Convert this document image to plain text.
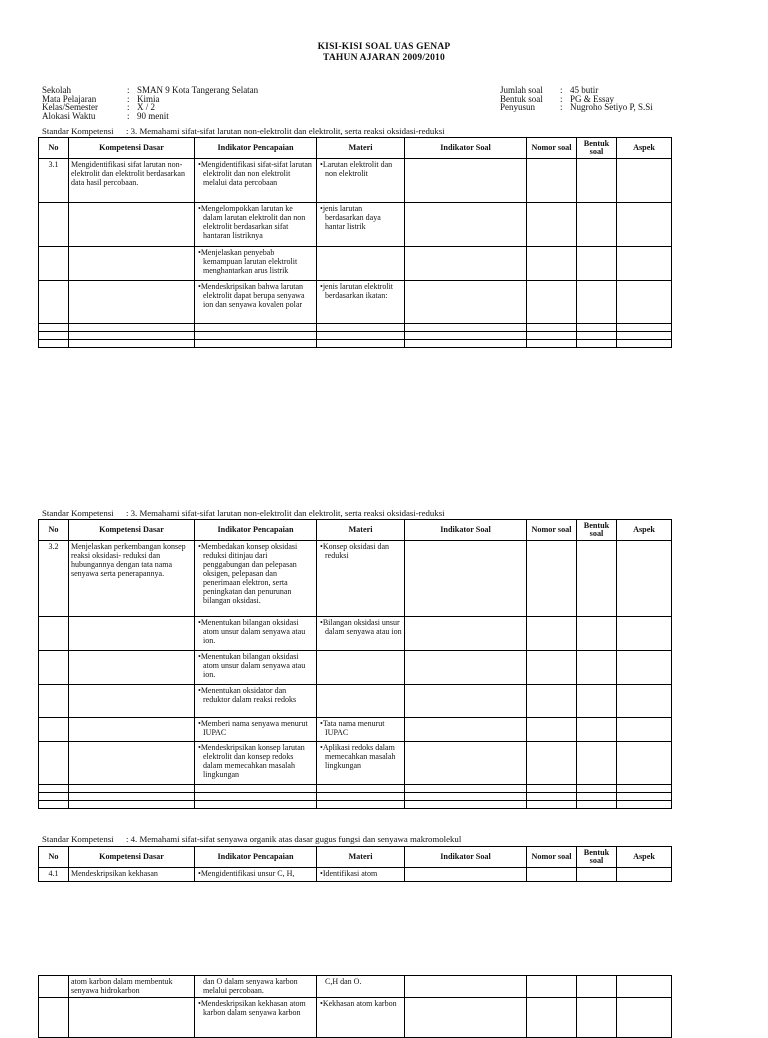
KISI-KISI SOAL UAS GENAP
TAHUN AJARAN 2009/2010
Sekolah	: SMAN 9 Kota Tangerang Selatan
Mata Pelajaran	: Kimia
Kelas/Semester	: X / 2
Alokasi Waktu	: 90 menit
Jumlah soal	: 45 butir
Bentuk soal	: PG & Essay
Penyusun	: Nugroho Setiyo P, S.Si
Standar Kompetensi : 3. Memahami sifat-sifat larutan non-elektrolit dan elektrolit, serta reaksi oksidasi-reduksi
No	Kompetensi Dasar	Indikator Pencapaian	Materi	Indikator Soal	Nomor soal	Bentuk soal	Aspek
3.1	Mengidentifikasi sifat larutan non-elektrolit dan elektrolit berdasarkan data hasil percobaan.	• Mengidentifikasi sifat-sifat larutan elektrolit dan non elektrolit melalui data percobaan	• Larutan elektrolit dan non elektrolit

		• Mengelompokkan larutan ke dalam larutan elektrolit dan non elektrolit berdasarkan sifat hantaran listriknya	• jenis larutan berdasarkan daya hantar listrik

		• Menjelaskan penyebab kemampuan larutan elektrolit menghantarkan arus listrik

		• Mendeskripsikan bahwa larutan elektrolit dapat berupa senyawa ion dan senyawa kovalen polar	• jenis larutan elektrolit berdasarkan ikatan:

Standar Kompetensi : 3. Memahami sifat-sifat larutan non-elektrolit dan elektrolit, serta reaksi oksidasi-reduksi
No	Kompetensi Dasar	Indikator Pencapaian	Materi	Indikator Soal	Nomor soal	Bentuk soal	Aspek
3.2	Menjelaskan perkembangan konsep reaksi oksidasi- reduksi dan hubungannya dengan tata nama senyawa serta penerapannya.	• Membedakan konsep oksidasi reduksi ditinjau dari penggabungan dan pelepasan oksigen, pelepasan dan penerimaan elektron, serta peningkatan dan penurunan bilangan oksidasi.	• Konsep oksidasi dan reduksi

		• Menentukan bilangan oksidasi atom unsur dalam senyawa atau ion.	• Bilangan oksidasi unsur dalam senyawa atau ion

		• Menentukan bilangan oksidasi atom unsur dalam senyawa atau ion.

		• Menentukan oksidator dan reduktor dalam reaksi redoks

		• Memberi nama senyawa menurut IUPAC	• Tata nama menurut IUPAC

		• Mendeskripsikan konsep larutan elektrolit dan konsep redoks dalam memecahkan masalah lingkungan	• Aplikasi redoks dalam memecahkan masalah lingkungan

Standar Kompetensi : 4. Memahami sifat-sifat senyawa organik atas dasar gugus fungsi dan senyawa makromolekul
No	Kompetensi Dasar	Indikator Pencapaian	Materi	Indikator Soal	Nomor soal	Bentuk soal	Aspek
4.1	Mendeskripsikan kekhasan	• Mengidentifikasi unsur C, H,	• Identifikasi atom

	atom karbon dalam membentuk senyawa hidrokarbon	dan O dalam senyawa karbon melalui percobaan.	C,H dan O.				

		• Mendeskripsikan kekhasan atom karbon dalam senyawa karbon	• Kekhasan atom karbon
